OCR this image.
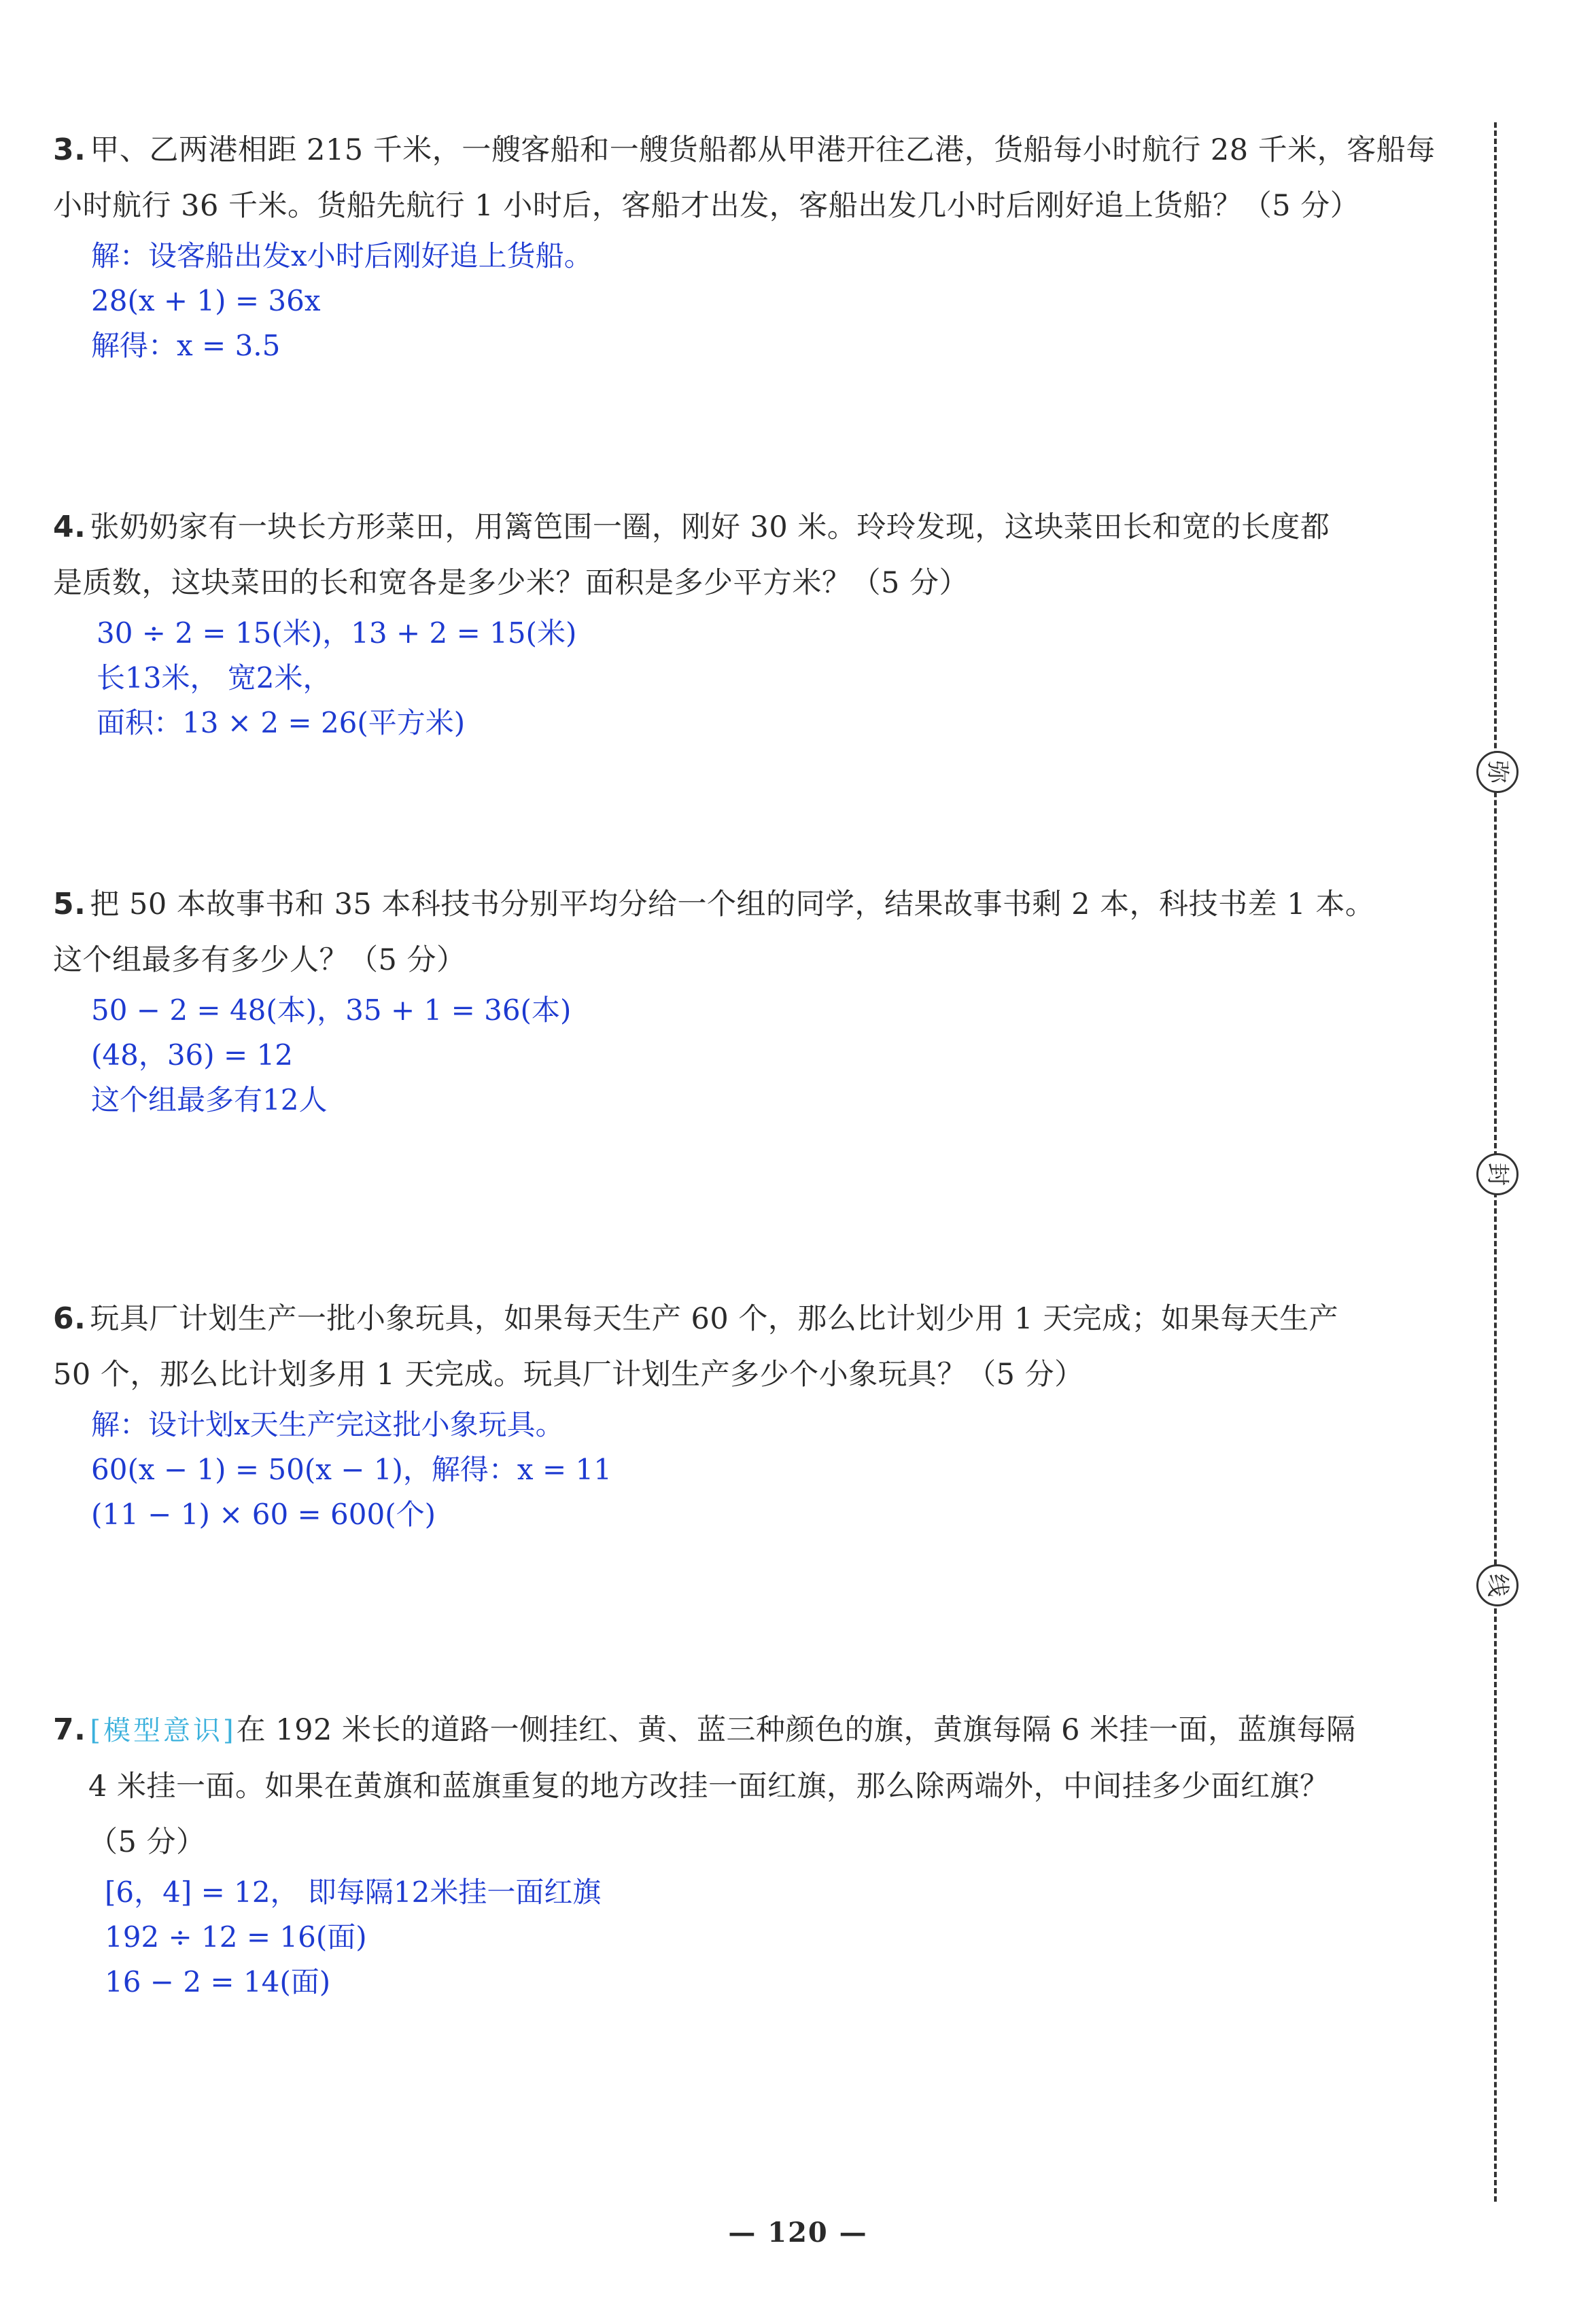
3. 甲、乙两港相距 215 千米，一艘客船和一艘货船都从甲港开往乙港，货船每小时航行 28 千米，客船每
小时航行 36 千米。货船先航行 1 小时后，客船才出发，客船出发几小时后刚好追上货船？（5 分）
解：设客船出发x小时后刚好追上货船。
28(x + 1) = 36x
解得：x = 3.5
4. 张奶奶家有一块长方形菜田，用篱笆围一圈，刚好 30 米。玲玲发现，这块菜田长和宽的长度都
是质数，这块菜田的长和宽各是多少米？面积是多少平方米？（5 分）
30 ÷ 2 = 15(米)，13 + 2 = 15(米)
长13米， 宽2米，
面积：13 × 2 = 26(平方米)
5. 把 50 本故事书和 35 本科技书分别平均分给一个组的同学，结果故事书剩 2 本，科技书差 1 本。
这个组最多有多少人？（5 分）
50 − 2 = 48(本)，35 + 1 = 36(本)
(48，36) = 12
这个组最多有12人
6. 玩具厂计划生产一批小象玩具，如果每天生产 60 个，那么比计划少用 1 天完成；如果每天生产
50 个，那么比计划多用 1 天完成。玩具厂计划生产多少个小象玩具？（5 分）
解：设计划x天生产完这批小象玩具。
60(x − 1) = 50(x − 1)，解得：x = 11
(11 − 1) × 60 = 600(个)
7. [模型意识]在 192 米长的道路一侧挂红、黄、蓝三种颜色的旗，黄旗每隔 6 米挂一面，蓝旗每隔
4 米挂一面。如果在黄旗和蓝旗重复的地方改挂一面红旗，那么除两端外，中间挂多少面红旗？
（5 分）
[6，4] = 12， 即每隔12米挂一面红旗
192 ÷ 12 = 16(面)
16 − 2 = 14(面)
弥
封
线
— 120 —
